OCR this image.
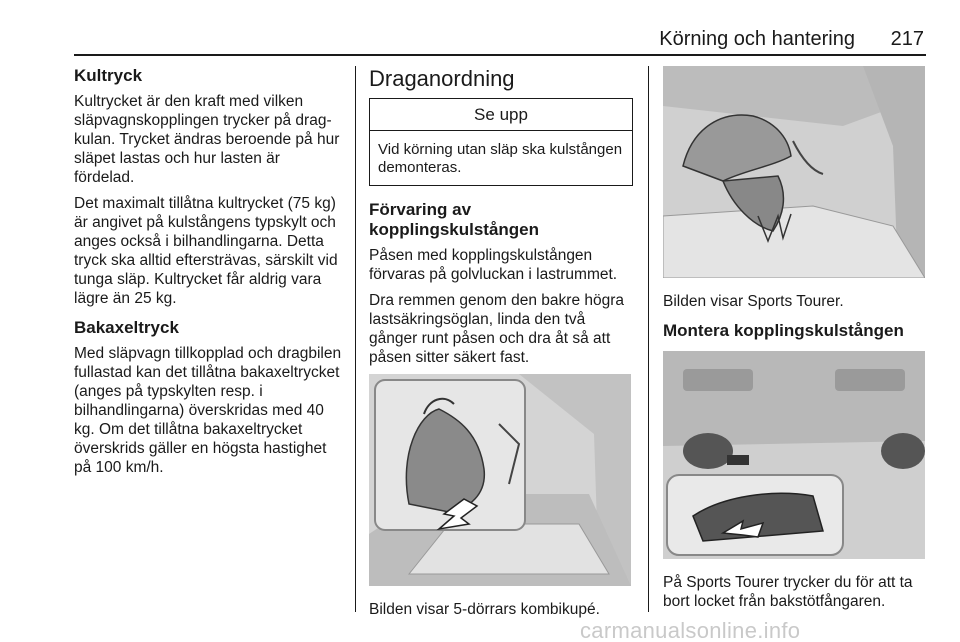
Körning och hantering 217
Kultryck

Kultrycket är den kraft med vilken släpvagnskopplingen trycker på dragkulan. Trycket ändras beroende på hur släpet lastas och hur lasten är fördelad.

Det maximalt tillåtna kultrycket (75 kg) är angivet på kulstångens typskylt och anges också i bilhandlingarna. Detta tryck ska alltid eftersträvas, särskilt vid tunga släp. Kultrycket får aldrig vara lägre än 25 kg.

Bakaxeltryck

Med släpvagn tillkopplad och dragbilen fullastad kan det tillåtna bakaxeltrycket (anges på typskylten resp. i bilhandlingarna) överskridas med 40 kg. Om det tillåtna bakaxeltrycket överskrids gäller en högsta hastighet på 100 km/h.

Draganordning
Se upp
Vid körning utan släp ska kulstången demonteras.
Förvaring av kopplingskulstången

Påsen med kopplingskulstången förvaras på golvluckan i lastrummet.

Dra remmen genom den bakre högra lastsäkringsöglan, linda den två gånger runt påsen och dra åt så att påsen sitter säkert fast.

Bilden visar 5-dörrars kombikupé.

Bilden visar Sports Tourer.

Montera kopplingskulstången

På Sports Tourer trycker du för att ta bort locket från bakstötfångaren.

carmanualsonline.info
